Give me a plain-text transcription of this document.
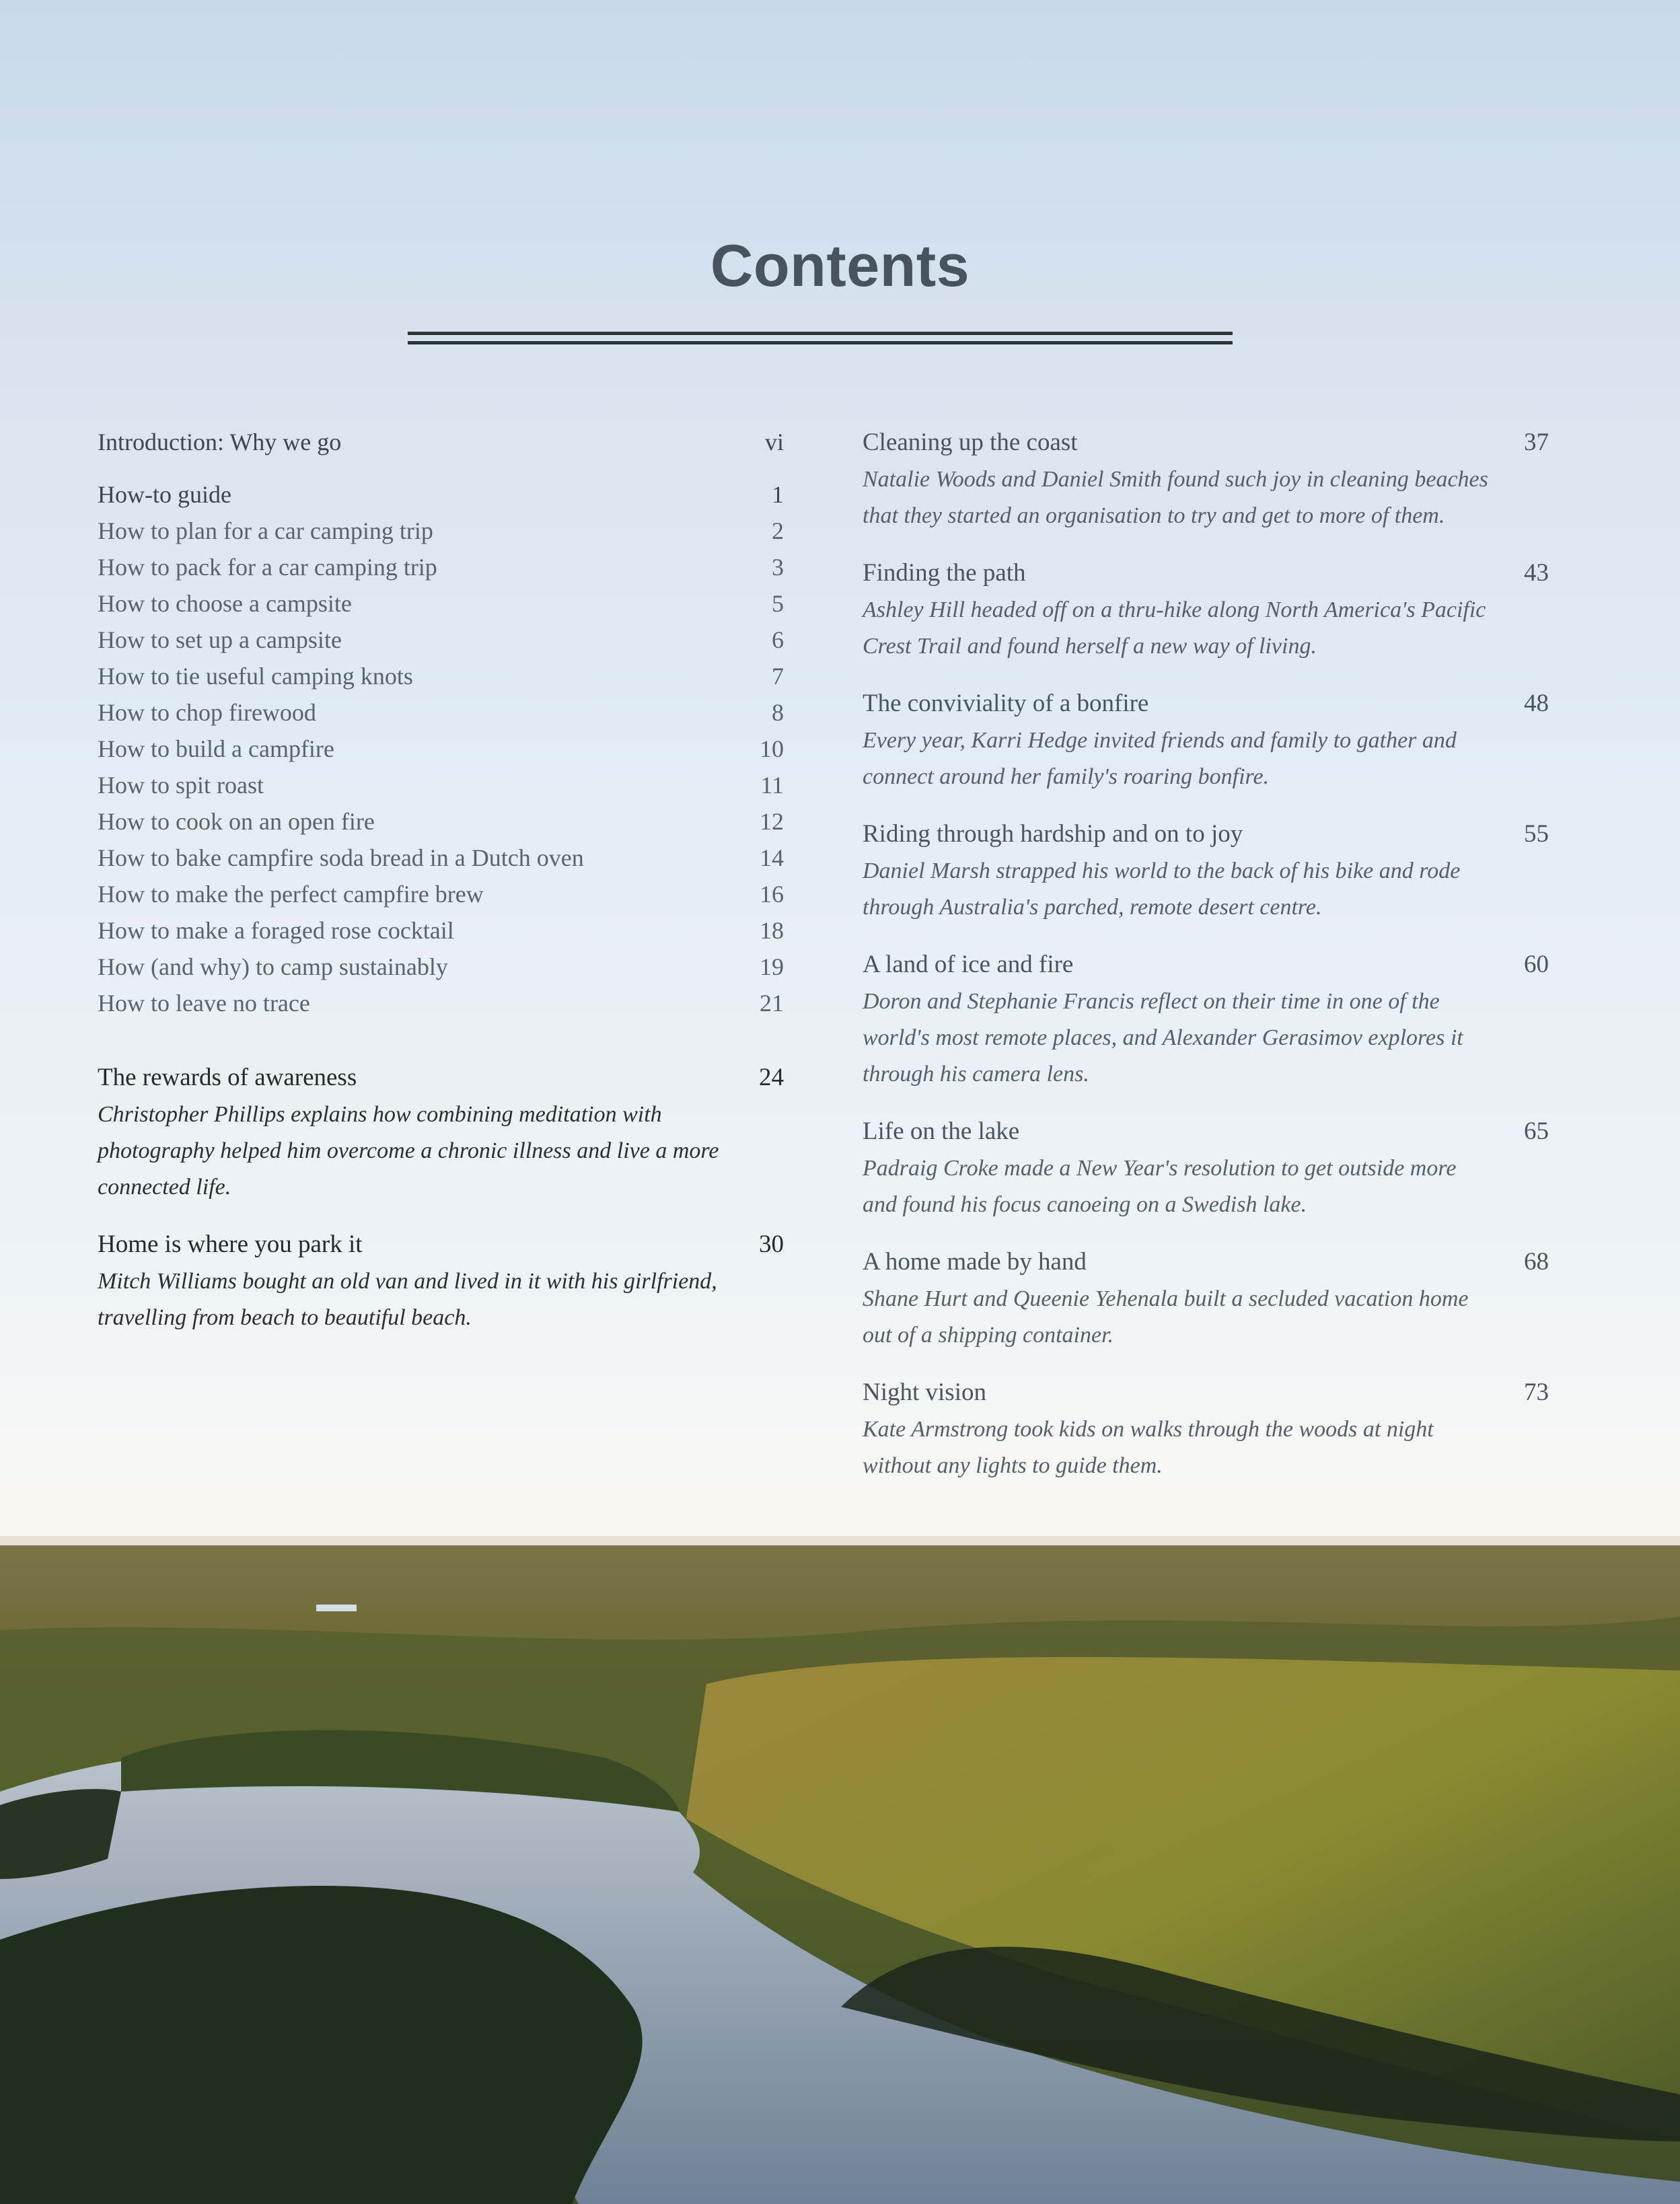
Contents
Introduction: Why we go	vi
How-to guide	1
How to plan for a car camping trip	2
How to pack for a car camping trip	3
How to choose a campsite	5
How to set up a campsite	6
How to tie useful camping knots	7
How to chop firewood	8
How to build a campfire	10
How to spit roast	11
How to cook on an open fire	12
How to bake campfire soda bread in a Dutch oven	14
How to make the perfect campfire brew	16
How to make a foraged rose cocktail	18
How (and why) to camp sustainably	19
How to leave no trace	21
The rewards of awareness	24

Christopher Phillips explains how combining meditation with photography helped him overcome a chronic illness and live a more connected life.

Home is where you park it	30

Mitch Williams bought an old van and lived in it with his girlfriend, travelling from beach to beautiful beach.

Cleaning up the coast	37

Natalie Woods and Daniel Smith found such joy in cleaning beaches that they started an organisation to try and get to more of them.

Finding the path	43

Ashley Hill headed off on a thru-hike along North America's Pacific Crest Trail and found herself a new way of living.

The conviviality of a bonfire	48

Every year, Karri Hedge invited friends and family to gather and connect around her family's roaring bonfire.

Riding through hardship and on to joy	55

Daniel Marsh strapped his world to the back of his bike and rode through Australia's parched, remote desert centre.

A land of ice and fire	60

Doron and Stephanie Francis reflect on their time in one of the world's most remote places, and Alexander Gerasimov explores it through his camera lens.

Life on the lake	65

Padraig Croke made a New Year's resolution to get outside more and found his focus canoeing on a Swedish lake.

A home made by hand	68

Shane Hurt and Queenie Yehenala built a secluded vacation home out of a shipping container.

Night vision	73

Kate Armstrong took kids on walks through the woods at night without any lights to guide them.
